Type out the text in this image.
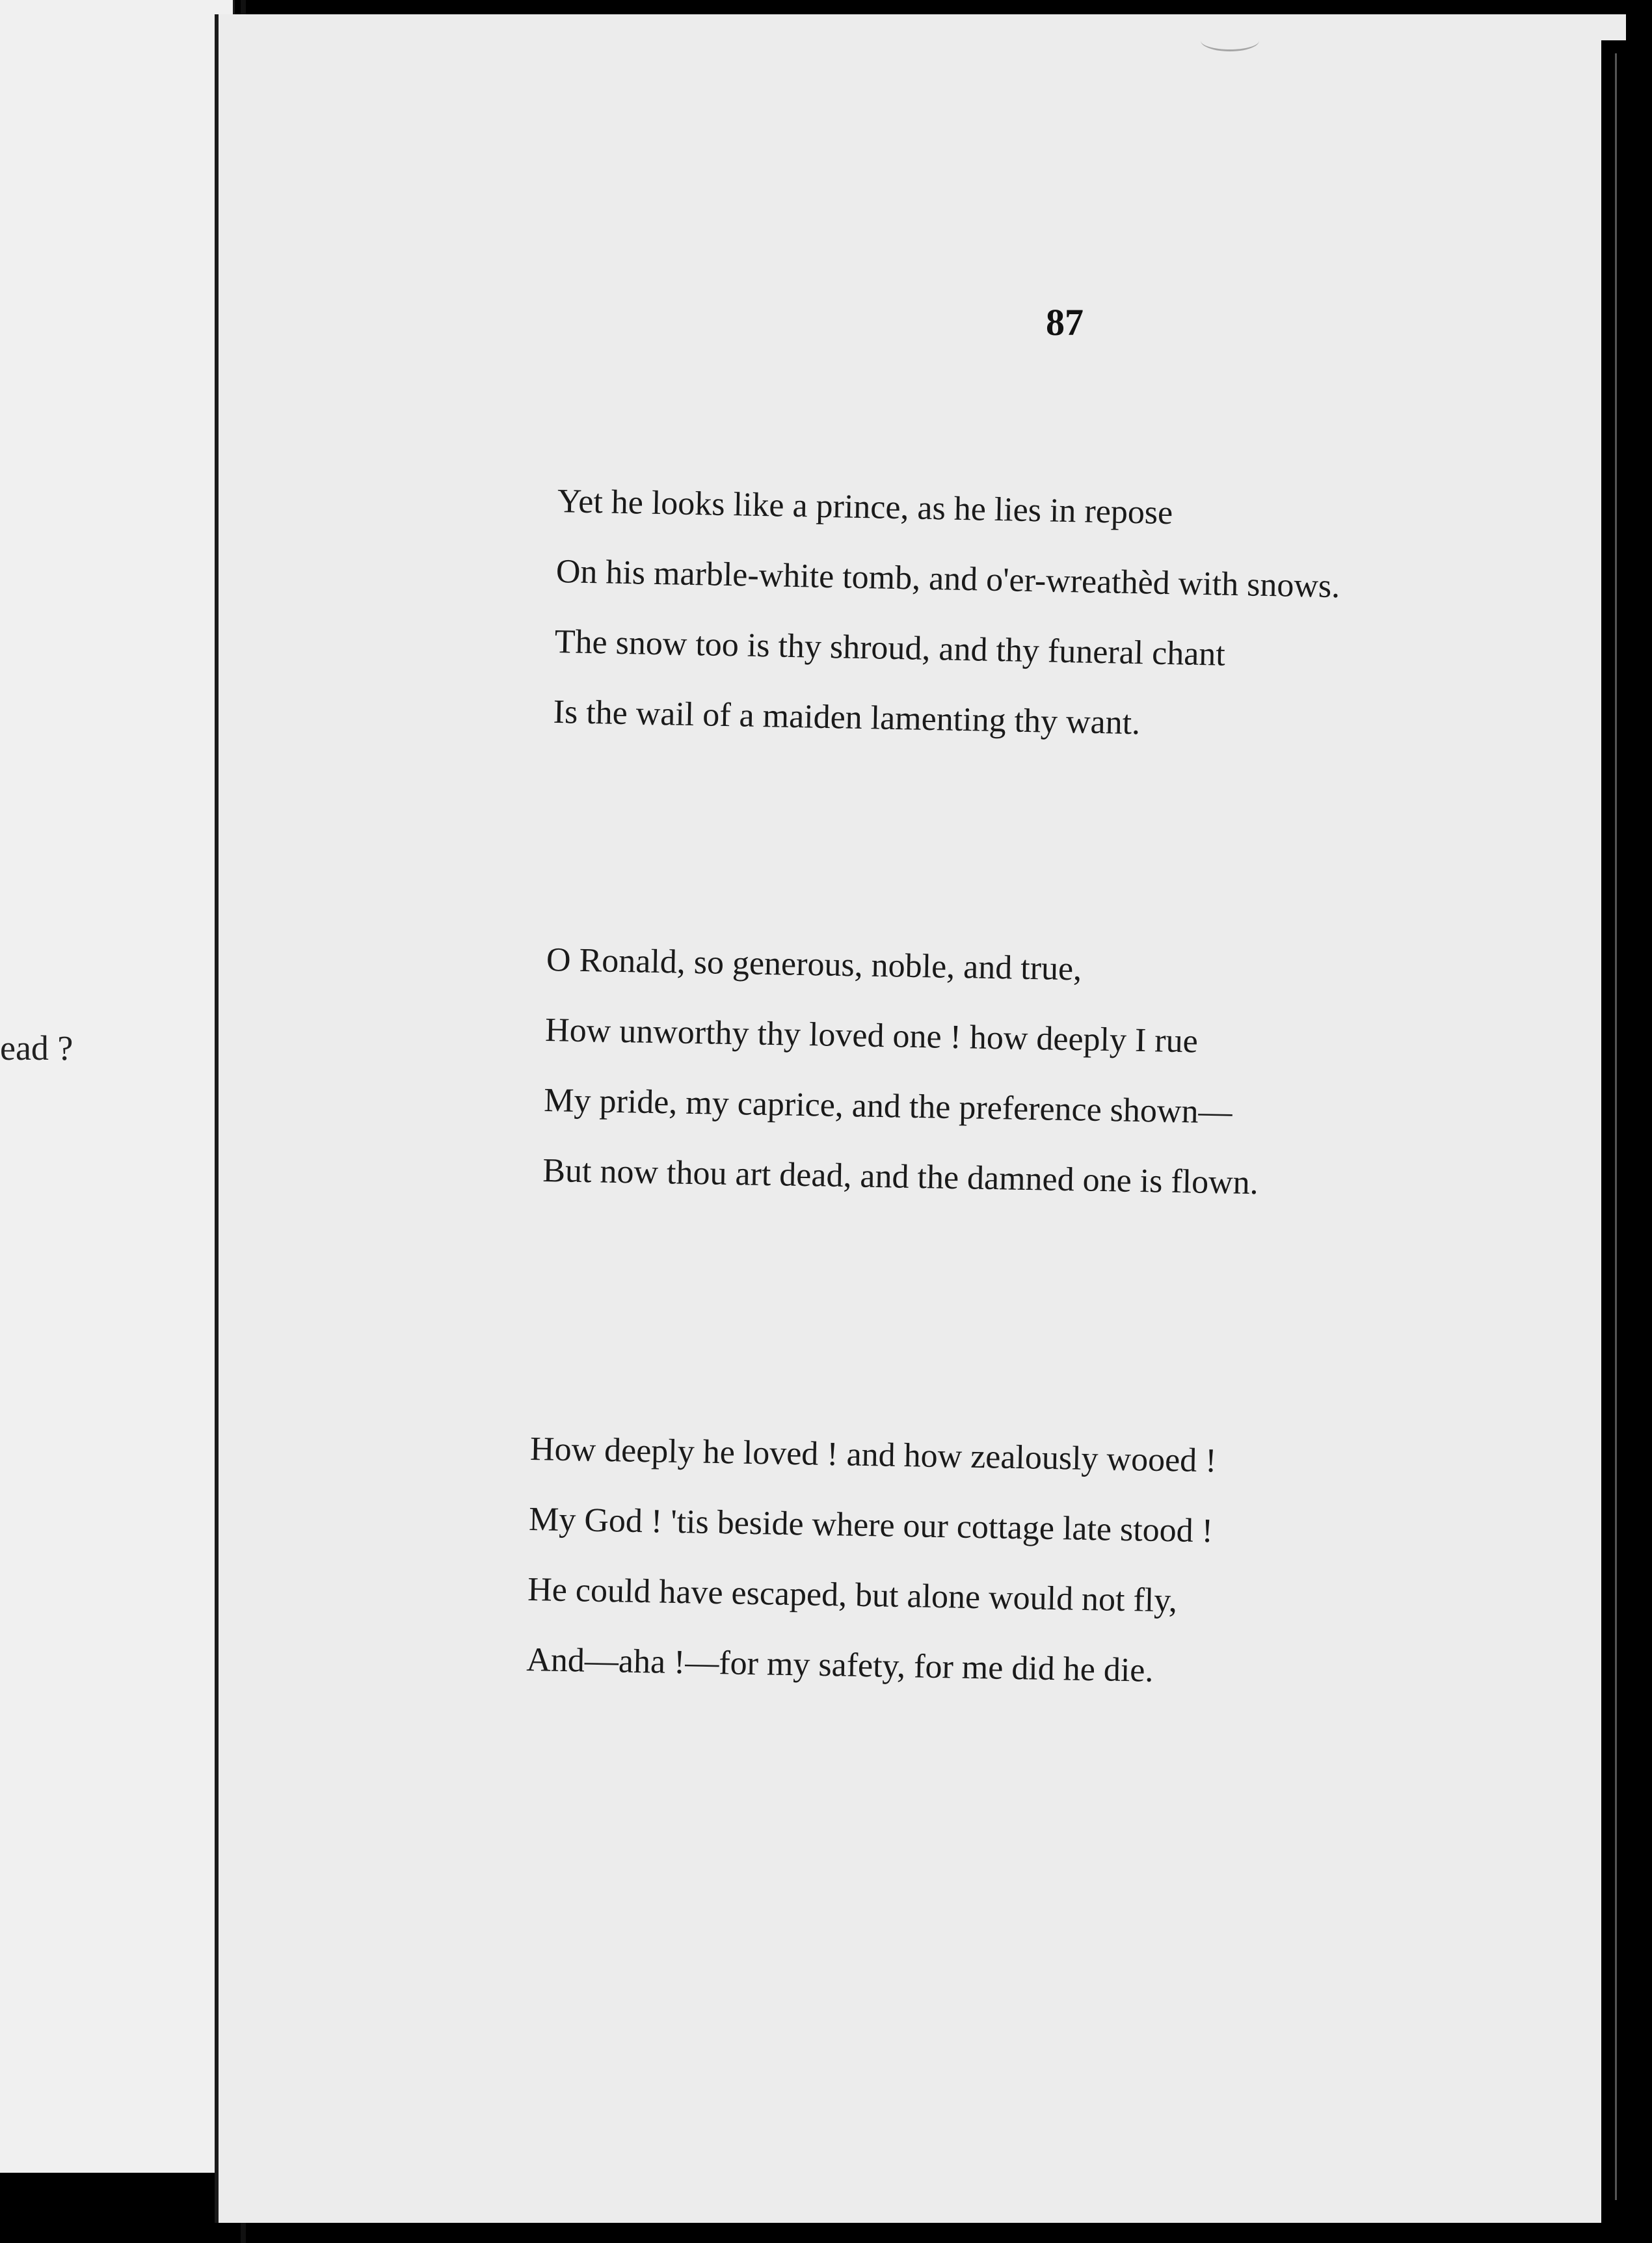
ead ?
87
Yet he looks like a prince, as he lies in repose
On his marble-white tomb, and o'er-wreathèd with snows.
The snow too is thy shroud, and thy funeral chant
Is the wail of a maiden lamenting thy want.
O Ronald, so generous, noble, and true,
How unworthy thy loved one ! how deeply I rue
My pride, my caprice, and the preference shown—
But now thou art dead, and the damned one is flown.
How deeply he loved ! and how zealously wooed !
My God ! 'tis beside where our cottage late stood !
He could have escaped, but alone would not fly,
And—aha !—for my safety, for me did he die.
